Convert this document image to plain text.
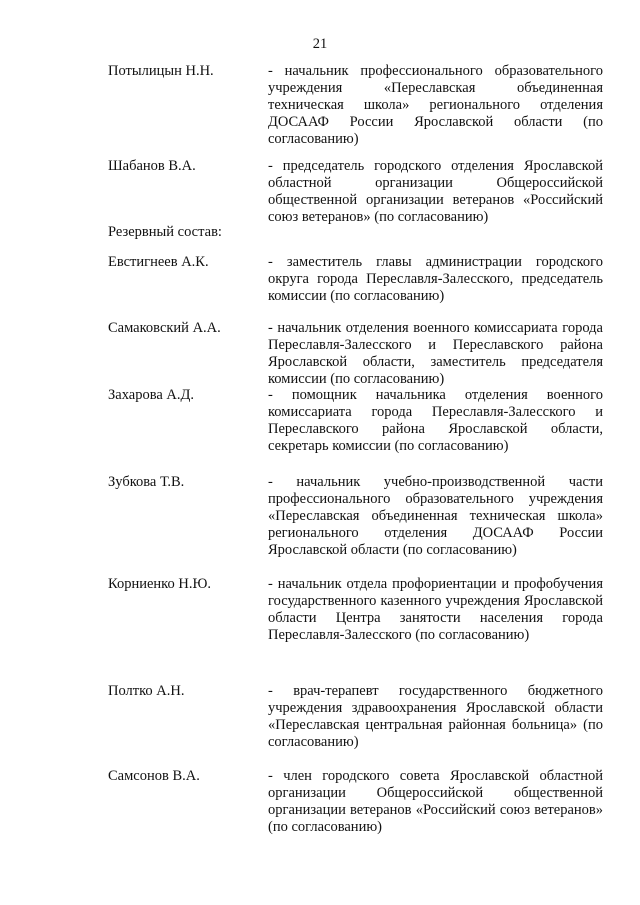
21
Потылицын Н.Н.	- начальник профессионального образовательного учреждения «Переславская объединенная техническая школа» регионального отделения ДОСААФ России Ярославской области (по согласованию)
Шабанов В.А.	- председатель городского отделения Ярославской областной организации Общероссийской общественной организации ветеранов «Российский союз ветеранов» (по согласованию)
Резервный состав:
Евстигнеев А.К.	- заместитель главы администрации городского округа города Переславля-Залесского, председатель комиссии (по согласованию)
Самаковский А.А.	- начальник отделения военного комиссариата города Переславля-Залесского и Переславского района Ярославской области, заместитель председателя комиссии (по согласованию)
Захарова А.Д.	- помощник начальника отделения военного комиссариата города Переславля-Залесского и Переславского района Ярославской области, секретарь комиссии (по согласованию)
Зубкова Т.В.	- начальник учебно-производственной части профессионального образовательного учреждения «Переславская объединенная техническая школа» регионального отделения ДОСААФ России Ярославской области (по согласованию)
Корниенко Н.Ю.	- начальник отдела профориентации и профобучения государственного казенного учреждения Ярославской области Центра занятости населения города Переславля-Залесского (по согласованию)
Полтко А.Н.	- врач-терапевт государственного бюджетного учреждения здравоохранения Ярославской области «Переславская центральная районная больница» (по согласованию)
Самсонов В.А.	- член городского совета Ярославской областной организации Общероссийской общественной организации ветеранов «Российский союз ветеранов» (по согласованию)
